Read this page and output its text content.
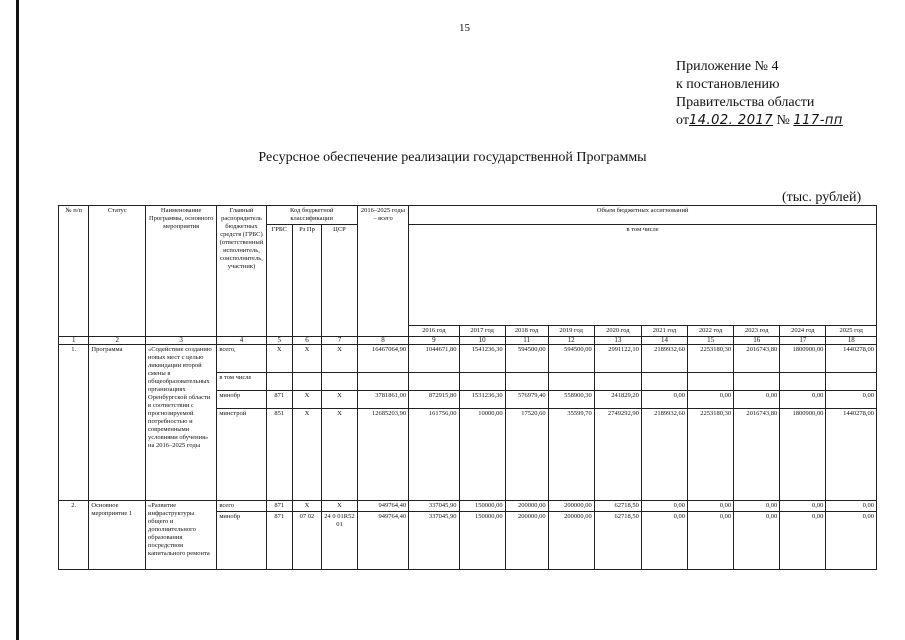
15
Приложение № 4
к постановлению
Правительства области
от14.02. 2017 № 117-пп
Ресурсное обеспечение реализации государственной Программы
(тыс. рублей)
№ п/п	Статус	Наименование Программы, основного мероприятия	Главный распорядитель бюджетных средств (ГРБС) (ответственный исполнитель, соисполнитель, участник)	Код бюджетной классификации			2016–2025 годы – всего	Объем бюджетных ассигнований									
				ГРБС	Рз Пр	ЦСР		в том числе									
								2016 год	2017 год	2018 год	2019 год	2020 год	2021 год	2022 год	2023 год	2024 год	2025 год
1	2	3	4	5	6	7	8	9	10	11	12	13	14	15	16	17	18
1.	Программа	«Содействие созданию новых мест с целью ликвидации второй смены в общеобразовательных организациях Оренбургской области в соответствии с прогнозируемой потребностью и современными условиями обучения» на 2016–2025 годы	всего,	X	X	X	16467064,90	1044671,80	1541236,30	594500,00	594500,00	2991122,10	2189932,60	2253180,30	2016743,80	1800900,00	1440278,00
			в том числе														
			минобр	871	X	X	3781861,00	872915,80	1531236,30	576979,40	558900,30	241829,20	0,00	0,00	0,00	0,00	0,00
			минстрой	851	X	X	12685203,90	161756,00	10000,00	17520,60	35599,70	2749292,90	2189932,60	2253180,30	2016743,80	1800900,00	1440278,00
2.	Основное мероприятие 1	«Развитие инфраструктуры общего и дополнительного образования посредством капитального ремонта	всего	871	X	X	949764,40	337045,90	150000,00	200000,00	200000,00	62718,50	0,00	0,00	0,00	0,00	0,00
			минобр	871	07 02	24 0 01R52 01	949764,40	337045,90	150000,00	200000,00	200000,00	62718,50	0,00	0,00	0,00	0,00	0,00
